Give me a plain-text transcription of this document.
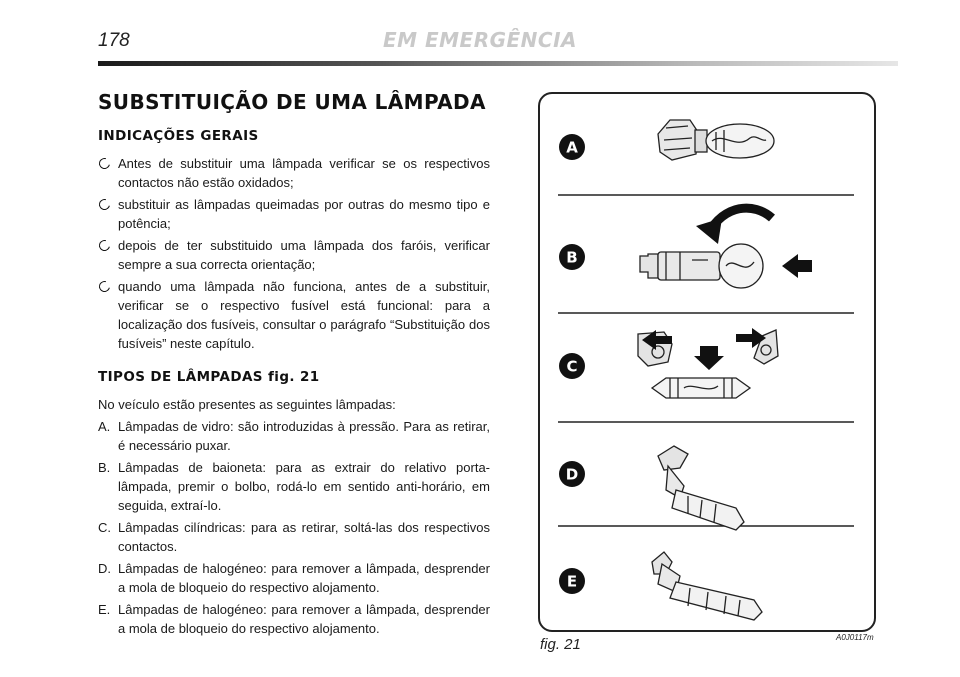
178	EM EMERGÊNCIA
SUBSTITUIÇÃO DE UMA LÂMPADA
INDICAÇÕES GERAIS
Antes de substituir uma lâmpada verificar se os respectivos contactos não estão oxidados;
substituir as lâmpadas queimadas por outras do mesmo tipo e potência;
depois de ter substituido uma lâmpada dos faróis, verificar sempre a sua correcta orientação;
quando uma lâmpada não funciona, antes de a substituir, verificar se o respectivo fusível está funcional: para a localização dos fusíveis, consultar o parágrafo “Substituição dos fusíveis” neste capítulo.
TIPOS DE LÂMPADAS fig. 21

No veículo estão presentes as seguintes lâmpadas:

A. Lâmpadas de vidro: são introduzidas à pressão. Para as retirar, é necessário puxar.
B. Lâmpadas de baioneta: para as extrair do relativo porta-lâmpada, premir o bolbo, rodá-lo em sentido anti-horário, em seguida, extraí-lo.
C. Lâmpadas cilíndricas: para as retirar, soltá-las dos respectivos contactos.
D. Lâmpadas de halogéneo: para remover a lâmpada, desprender a mola de bloqueio do respectivo alojamento.
E. Lâmpadas de halogéneo: para remover a lâmpada, desprender a mola de bloqueio do respectivo alojamento.
A
B
C
D
E
fig. 21	A0J0117m
